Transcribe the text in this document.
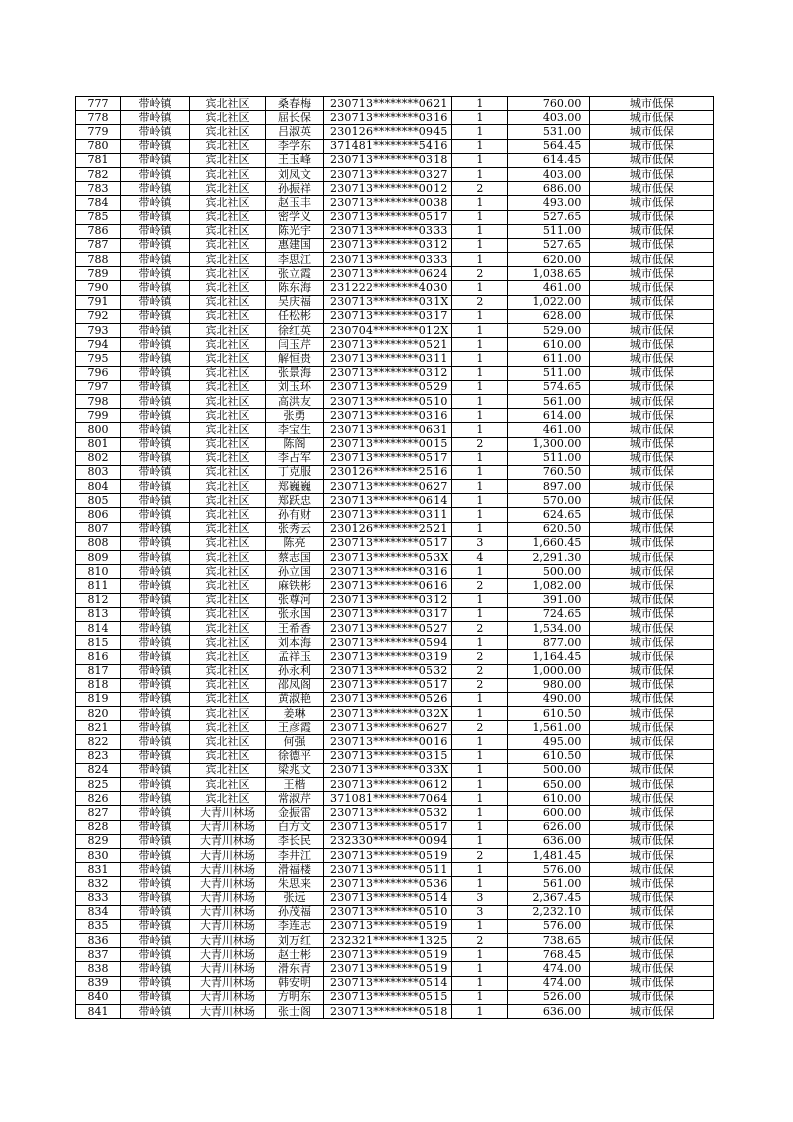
777	带岭镇	宾北社区	桑春梅	230713********0621	1	760.00	城市低保
778	带岭镇	宾北社区	屈长保	230713********0316	1	403.00	城市低保
779	带岭镇	宾北社区	吕淑英	230126********0945	1	531.00	城市低保
780	带岭镇	宾北社区	李学东	371481********5416	1	564.45	城市低保
781	带岭镇	宾北社区	王玉峰	230713********0318	1	614.45	城市低保
782	带岭镇	宾北社区	刘凤文	230713********0327	1	403.00	城市低保
783	带岭镇	宾北社区	孙振祥	230713********0012	2	686.00	城市低保
784	带岭镇	宾北社区	赵玉丰	230713********0038	1	493.00	城市低保
785	带岭镇	宾北社区	密学义	230713********0517	1	527.65	城市低保
786	带岭镇	宾北社区	陈光宇	230713********0333	1	511.00	城市低保
787	带岭镇	宾北社区	惠建国	230713********0312	1	527.65	城市低保
788	带岭镇	宾北社区	李思江	230713********0333	1	620.00	城市低保
789	带岭镇	宾北社区	张立霞	230713********0624	2	1,038.65	城市低保
790	带岭镇	宾北社区	陈东海	231222********4030	1	461.00	城市低保
791	带岭镇	宾北社区	吴庆福	230713********031X	2	1,022.00	城市低保
792	带岭镇	宾北社区	任松彬	230713********0317	1	628.00	城市低保
793	带岭镇	宾北社区	徐红英	230704********012X	1	529.00	城市低保
794	带岭镇	宾北社区	闫玉芹	230713********0521	1	610.00	城市低保
795	带岭镇	宾北社区	解恒贵	230713********0311	1	611.00	城市低保
796	带岭镇	宾北社区	张景海	230713********0312	1	511.00	城市低保
797	带岭镇	宾北社区	刘玉环	230713********0529	1	574.65	城市低保
798	带岭镇	宾北社区	高洪友	230713********0510	1	561.00	城市低保
799	带岭镇	宾北社区	张勇	230713********0316	1	614.00	城市低保
800	带岭镇	宾北社区	李宝生	230713********0631	1	461.00	城市低保
801	带岭镇	宾北社区	陈阁	230713********0015	2	1,300.00	城市低保
802	带岭镇	宾北社区	李占军	230713********0517	1	511.00	城市低保
803	带岭镇	宾北社区	丁克服	230126********2516	1	760.50	城市低保
804	带岭镇	宾北社区	郑巍巍	230713********0627	1	897.00	城市低保
805	带岭镇	宾北社区	郑跃忠	230713********0614	1	570.00	城市低保
806	带岭镇	宾北社区	孙有财	230713********0311	1	624.65	城市低保
807	带岭镇	宾北社区	张秀云	230126********2521	1	620.50	城市低保
808	带岭镇	宾北社区	陈亮	230713********0517	3	1,660.45	城市低保
809	带岭镇	宾北社区	蔡志国	230713********053X	4	2,291.30	城市低保
810	带岭镇	宾北社区	孙立国	230713********0316	1	500.00	城市低保
811	带岭镇	宾北社区	麻铁彬	230713********0616	2	1,082.00	城市低保
812	带岭镇	宾北社区	张尊河	230713********0312	1	391.00	城市低保
813	带岭镇	宾北社区	张永国	230713********0317	1	724.65	城市低保
814	带岭镇	宾北社区	王希香	230713********0527	2	1,534.00	城市低保
815	带岭镇	宾北社区	刘本海	230713********0594	1	877.00	城市低保
816	带岭镇	宾北社区	孟祥玉	230713********0319	2	1,164.45	城市低保
817	带岭镇	宾北社区	孙永利	230713********0532	2	1,000.00	城市低保
818	带岭镇	宾北社区	邵凤阁	230713********0517	2	980.00	城市低保
819	带岭镇	宾北社区	黄淑艳	230713********0526	1	490.00	城市低保
820	带岭镇	宾北社区	姜琳	230713********032X	1	610.50	城市低保
821	带岭镇	宾北社区	王彦霞	230713********0627	2	1,561.00	城市低保
822	带岭镇	宾北社区	何强	230713********0016	1	495.00	城市低保
823	带岭镇	宾北社区	徐德平	230713********0315	1	610.50	城市低保
824	带岭镇	宾北社区	梁兆文	230713********033X	1	500.00	城市低保
825	带岭镇	宾北社区	王楷	230713********0612	1	650.00	城市低保
826	带岭镇	宾北社区	常淑芹	371081********7064	1	610.00	城市低保
827	带岭镇	大青川林场	金振雷	230713********0532	1	600.00	城市低保
828	带岭镇	大青川林场	白方文	230713********0517	1	626.00	城市低保
829	带岭镇	大青川林场	李长民	232330********0094	1	636.00	城市低保
830	带岭镇	大青川林场	李井江	230713********0519	2	1,481.45	城市低保
831	带岭镇	大青川林场	滑福楼	230713********0511	1	576.00	城市低保
832	带岭镇	大青川林场	朱思来	230713********0536	1	561.00	城市低保
833	带岭镇	大青川林场	张远	230713********0514	3	2,367.45	城市低保
834	带岭镇	大青川林场	孙茂福	230713********0510	3	2,232.10	城市低保
835	带岭镇	大青川林场	李连志	230713********0519	1	576.00	城市低保
836	带岭镇	大青川林场	刘万红	232321********1325	2	738.65	城市低保
837	带岭镇	大青川林场	赵士彬	230713********0519	1	768.45	城市低保
838	带岭镇	大青川林场	滑东青	230713********0519	1	474.00	城市低保
839	带岭镇	大青川林场	韩安明	230713********0514	1	474.00	城市低保
840	带岭镇	大青川林场	方明东	230713********0515	1	526.00	城市低保
841	带岭镇	大青川林场	张士阁	230713********0518	1	636.00	城市低保
